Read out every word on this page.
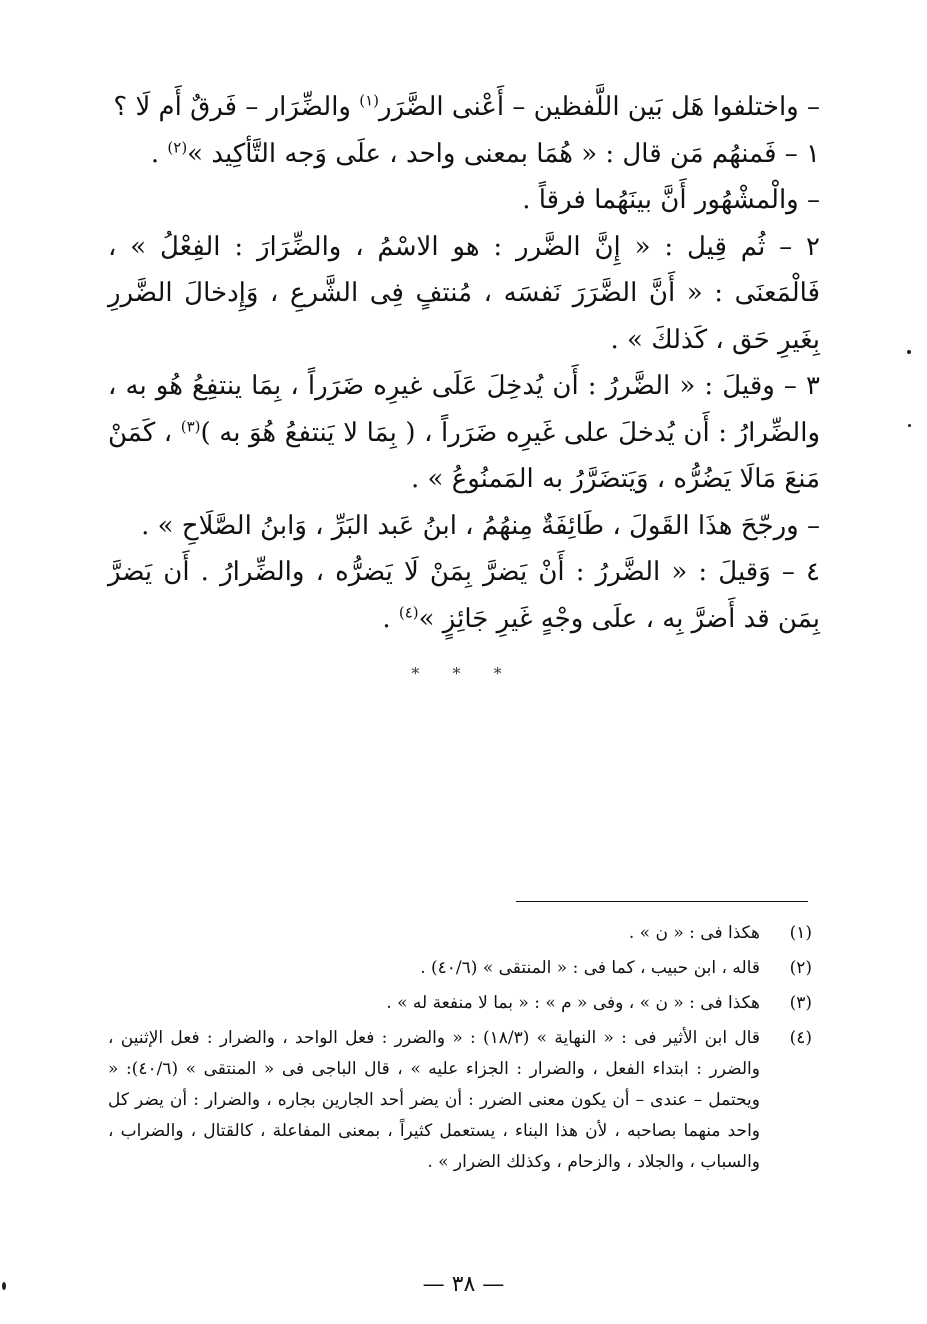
– واختلفوا هَل بَين اللَّفظين – أَعْنى الضَّرَر$^{(١)}$ والضِّرَار – فَرقٌ أَم لَا ؟

١ – فَمنهُم مَن قال : « هُمَا بمعنى واحد ، علَى وَجه التَّأكِيد »$^{(٢)}$ .

– والْمشْهُور أَنَّ بينَهُما فرقاً .

٢ – ثُم قِيل : « إِنَّ الضَّرر : هو الاسْمُ ، والضِّرَارَ : الفِعْلُ » ، فَالْمَعنَى : « أَنَّ الضَّرَرَ نَفسَه ، مُنتفٍ فِى الشَّرعِ ، وَإِدخالَ الضَّررِ بِغَيرِ حَق ، كَذلكَ » .

٣ – وقيلَ : « الضَّررُ : أَن يُدخِلَ عَلَى غيرِه ضَرَراً ، بِمَا ينتفِعُ هُو به ، والضِّرارُ : أَن يُدخلَ على غَيرِه ضَرَراً ، ( بِمَا لا يَنتفعُ هُوَ به )$^{(٣)}$ ، كَمَنْ مَنعَ مَالَا يَضُرُّه ، وَيَتضَرَّرُ به المَمنُوعُ » .

– ورجّحَ هذَا القَولَ ، طَائِفَةٌ مِنهُمُ ، ابنُ عَبد البَرِّ ، وَابنُ الصَّلَاحِ » .

٤ – وَقيلَ : « الضَّررُ : أَنْ يَضرَّ بِمَنْ لَا يَضرُّه ، والضِّرارُ . أَن يَضرَّ بِمَن قد أَضرَّ بِه ، علَى وجْهٍ غَيرِ جَائِزٍ »$^{(٤)}$ .

* * *
(١)
هكذا فى : « ن » .
(٢)
قاله ، ابن حبيب ، كما فى : « المنتقى » (٤٠/٦) .
(٣)
هكذا فى : « ن » ، وفى « م » : « بما لا منفعة له » .
(٤)
قال ابن الأثير فى : « النهاية » (١٨/٣) : « والضرر : فعل الواحد ، والضرار : فعل الإثنين ، والضرر : ابتداء الفعل ، والضرار : الجزاء عليه » ، قال الباجى فى « المنتقى » (٤٠/٦): « ويحتمل – عندى – أن يكون معنى الضرر : أن يضر أحد الجارين بجاره ، والضرار : أن يضر كل واحد منهما بصاحبه ، لأن هذا البناء ، يستعمل كثيراً ، بمعنى المفاعلة ، كالقتال ، والضراب ، والسباب ، والجلاد ، والزحام ، وكذلك الضرار » .
— ٣٨ —
